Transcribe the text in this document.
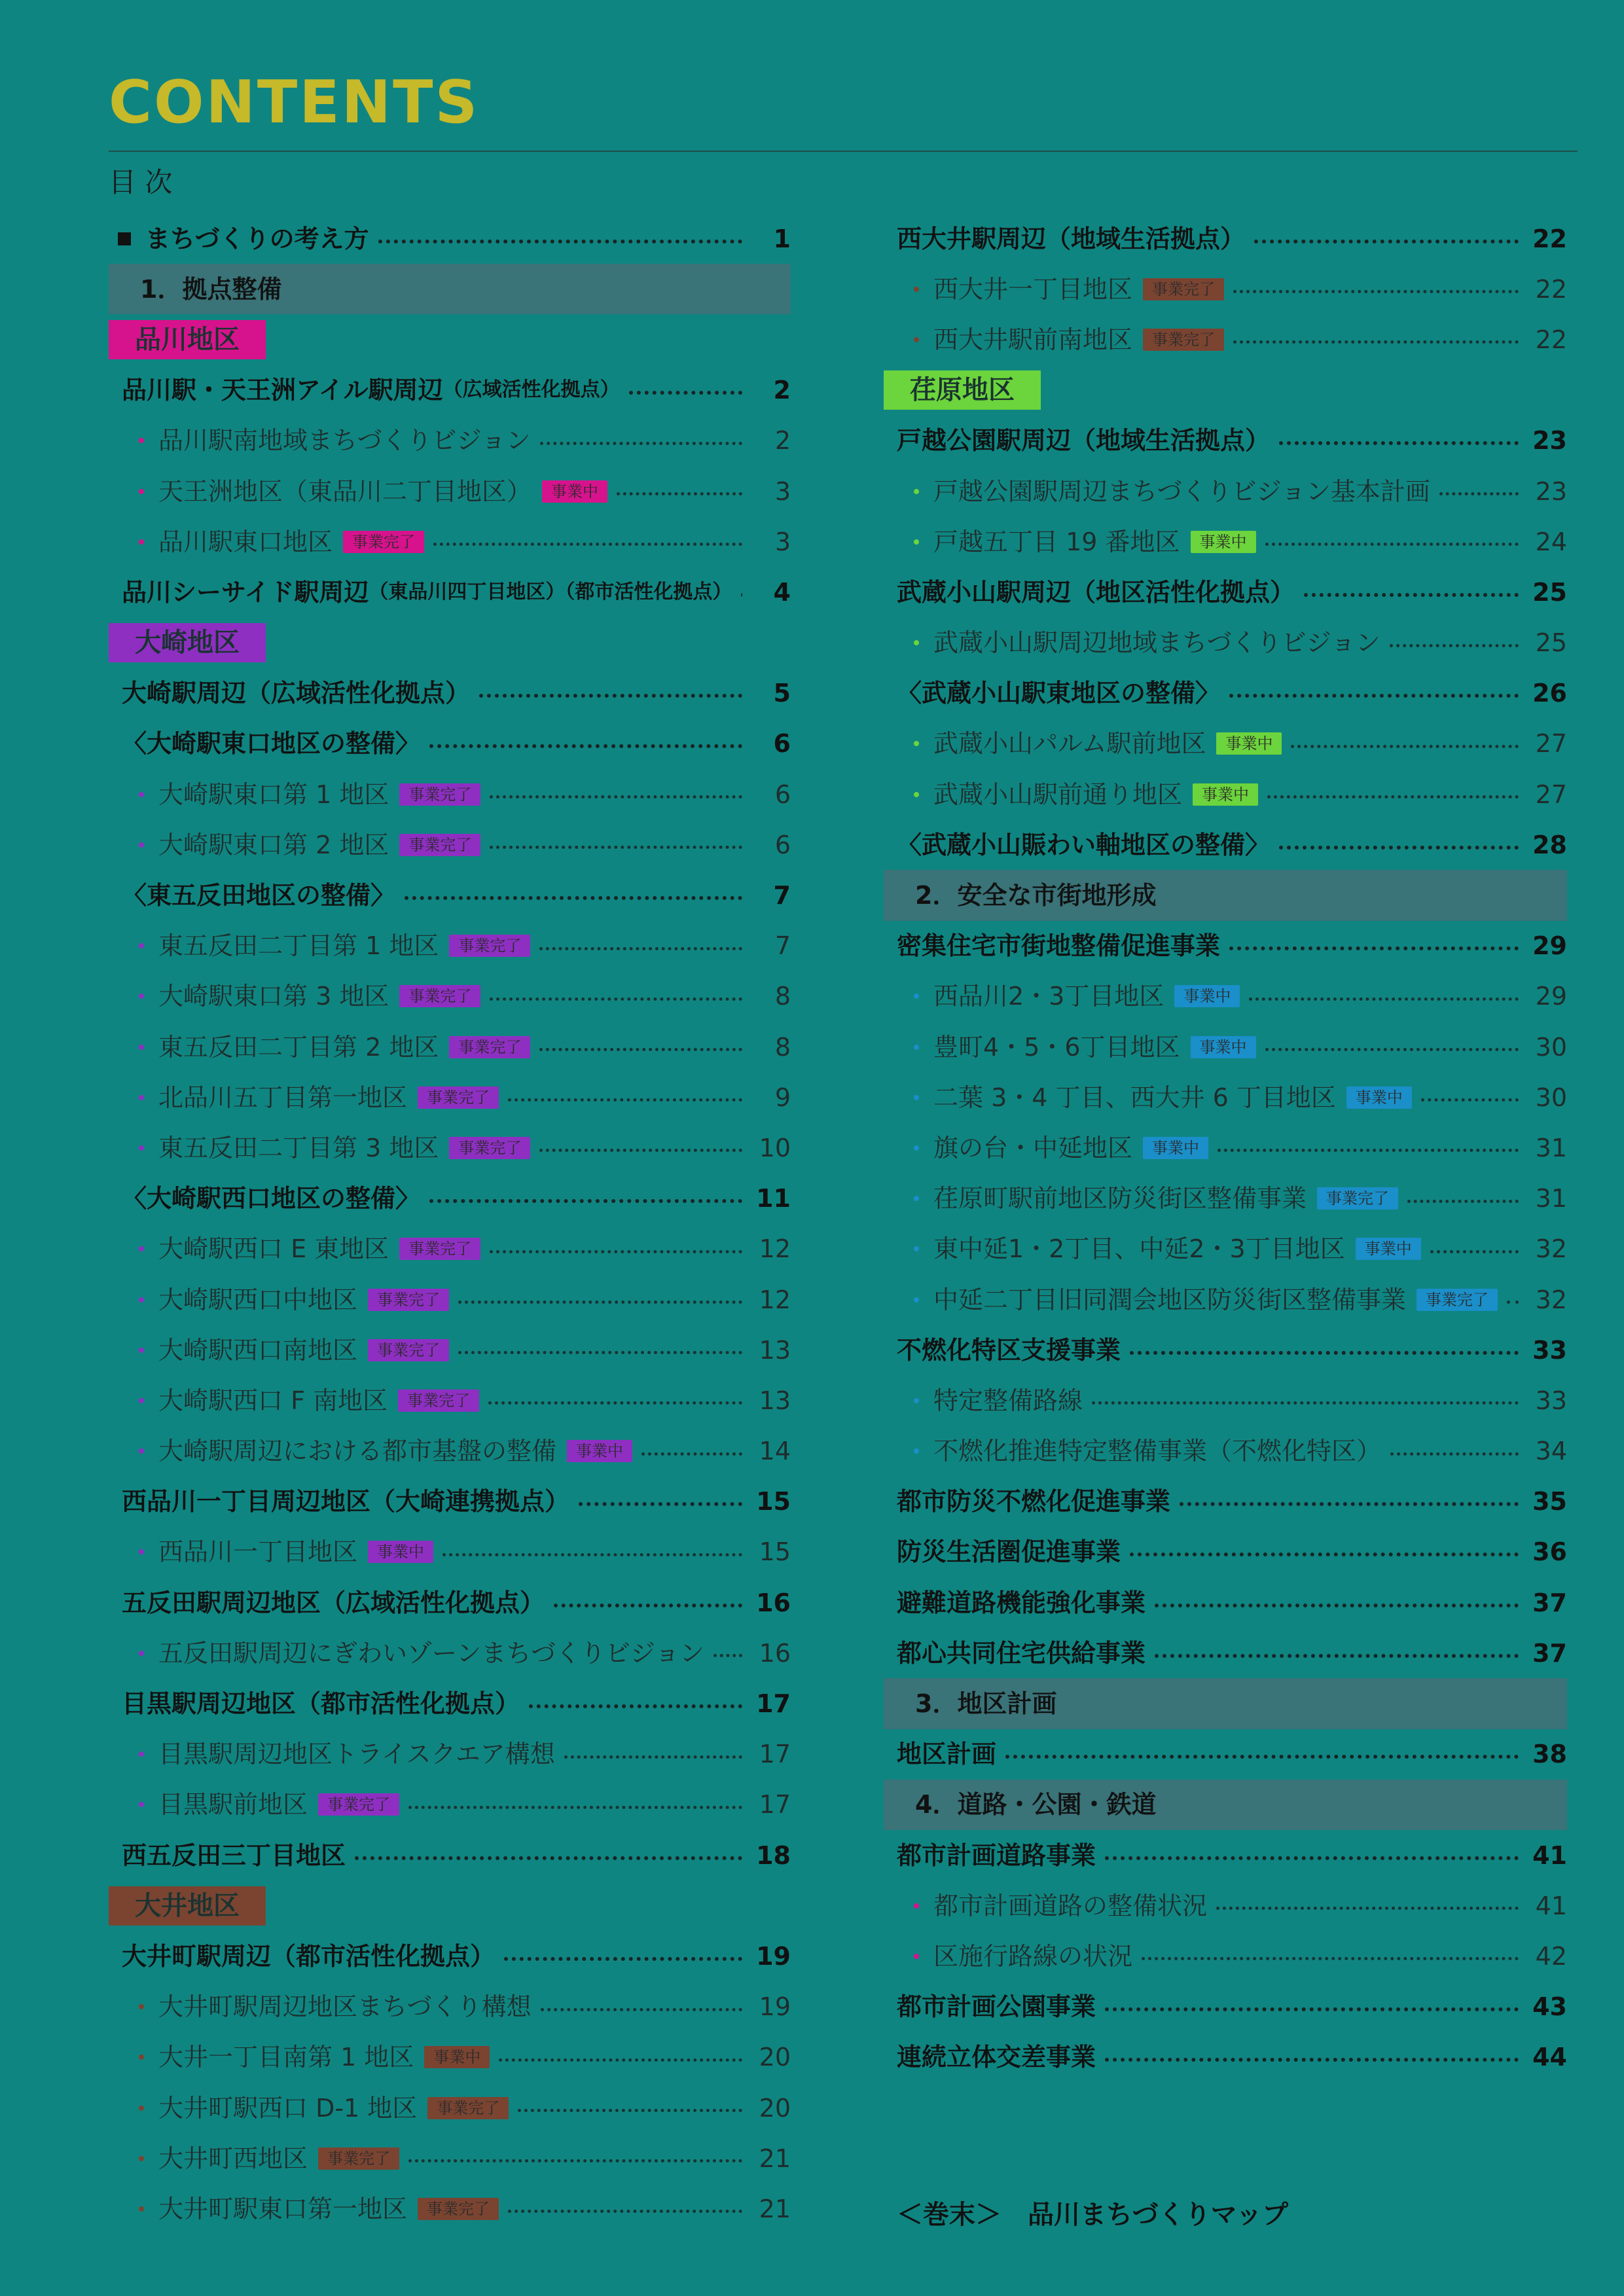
CONTENTS
目 次
まちづくりの考え方	1
1．拠点整備
品川地区
品川駅・天王洲アイル駅周辺 （広域活性化拠点）	2
品川駅南地域まちづくりビジョン	2
天王洲地区（東品川二丁目地区）	事業中	3
品川駅東口地区	事業完了	3
品川シーサイド駅周辺 （東品川四丁目地区）（都市活性化拠点）	4
大崎地区
大崎駅周辺（広域活性化拠点）	5
〈大崎駅東口地区の整備〉	6
大崎駅東口第 1 地区	事業完了	6
大崎駅東口第 2 地区	事業完了	6
〈東五反田地区の整備〉	7
東五反田二丁目第 1 地区	事業完了	7
大崎駅東口第 3 地区	事業完了	8
東五反田二丁目第 2 地区	事業完了	8
北品川五丁目第一地区	事業完了	9
東五反田二丁目第 3 地区	事業完了	10
〈大崎駅西口地区の整備〉	11
大崎駅西口 E 東地区	事業完了	12
大崎駅西口中地区	事業完了	12
大崎駅西口南地区	事業完了	13
大崎駅西口 F 南地区	事業完了	13
大崎駅周辺における都市基盤の整備	事業中	14
西品川一丁目周辺地区（大崎連携拠点）	15
西品川一丁目地区	事業中	15
五反田駅周辺地区（広域活性化拠点）	16
五反田駅周辺にぎわいゾーンまちづくりビジョン 16
目黒駅周辺地区（都市活性化拠点）	17
目黒駅周辺地区トライスクエア構想	17
目黒駅前地区	事業完了	17
西五反田三丁目地区	18
大井地区
大井町駅周辺（都市活性化拠点）	19
大井町駅周辺地区まちづくり構想	19
大井一丁目南第 1 地区	事業中	20
大井町駅西口 D-1 地区	事業完了	20
大井町西地区	事業完了	21
大井町駅東口第一地区	事業完了	21
西大井駅周辺（地域生活拠点）	22
西大井一丁目地区	事業完了	22
西大井駅前南地区	事業完了	22
荏原地区
戸越公園駅周辺（地域生活拠点）	23
戸越公園駅周辺まちづくりビジョン基本計画	23
戸越五丁目 19 番地区	事業中	24
武蔵小山駅周辺（地区活性化拠点）	25
武蔵小山駅周辺地域まちづくりビジョン	25
〈武蔵小山駅東地区の整備〉	26
武蔵小山パルム駅前地区	事業中	27
武蔵小山駅前通り地区	事業中	27
〈武蔵小山賑わい軸地区の整備〉	28
2．安全な市街地形成
密集住宅市街地整備促進事業	29
西品川2・3丁目地区	事業中	29
豊町4・5・6丁目地区	事業中	30
二葉 3・4 丁目、西大井 6 丁目地区	事業中	30
旗の台・中延地区	事業中	31
荏原町駅前地区防災街区整備事業	事業完了	31
東中延1・2丁目、中延2・3丁目地区	事業中	32
中延二丁目旧同潤会地区防災街区整備事業	事業完了	32
不燃化特区支援事業	33
特定整備路線	33
不燃化推進特定整備事業（不燃化特区）	34
都市防災不燃化促進事業	35
防災生活圏促進事業	36
避難道路機能強化事業	37
都心共同住宅供給事業	37
3．地区計画
地区計画	38
4．道路・公園・鉄道
都市計画道路事業	41
都市計画道路の整備状況	41
区施行路線の状況	42
都市計画公園事業	43
連続立体交差事業	44
＜巻末＞　品川まちづくりマップ
